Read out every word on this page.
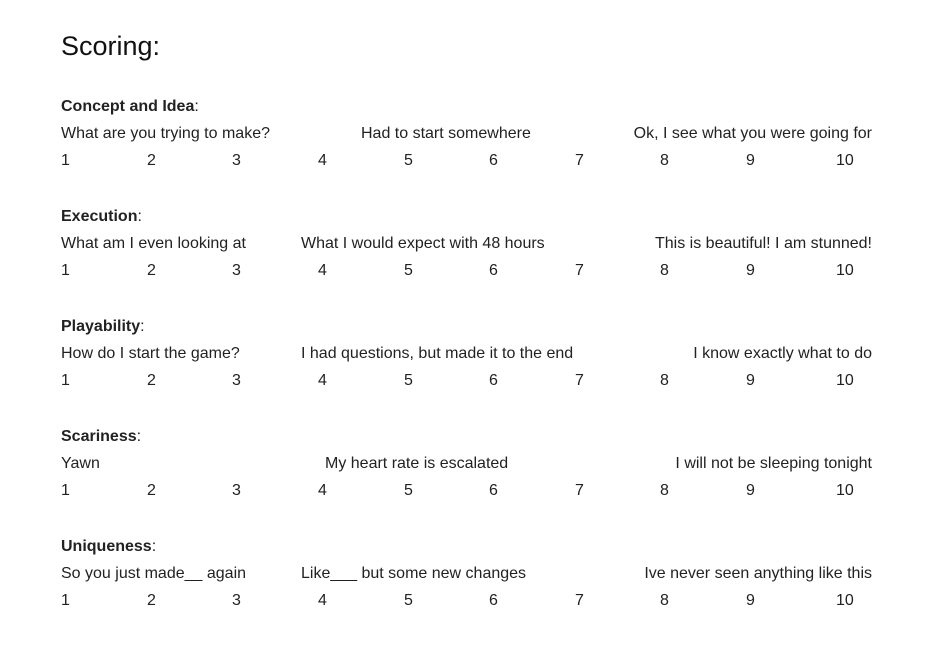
Scoring:
Concept and Idea:
What are you trying to make?	Had to start somewhere	Ok, I see what you were going for
1	2	3	4	5	6	7	8	9	10
Execution:
What am I even looking at	What I would expect with 48 hours	This is beautiful! I am stunned!
1	2	3	4	5	6	7	8	9	10
Playability:
How do I start the game?	I had questions, but made it to the end	I know exactly what to do
1	2	3	4	5	6	7	8	9	10
Scariness:
Yawn	My heart rate is escalated	I will not be sleeping tonight
1	2	3	4	5	6	7	8	9	10
Uniqueness:
So you just made__ again	Like___ but some new changes	Ive never seen anything like this
1	2	3	4	5	6	7	8	9	10
